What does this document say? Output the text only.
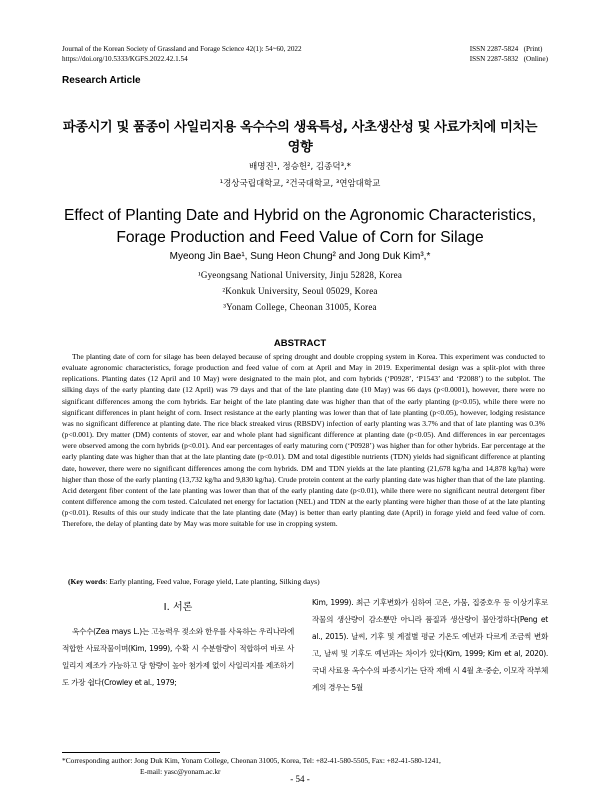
Journal of the Korean Society of Grassland and Forage Science 42(1): 54~60, 2022
https://doi.org/10.5333/KGFS.2022.42.1.54
ISSN 2287-5824   (Print)
ISSN 2287-5832   (Online)
Research Article
파종시기 및 품종이 사일리지용 옥수수의 생육특성, 사초생산성 및 사료가치에 미치는 영향
배명진¹, 정승헌², 김종덕³,*
¹경상국립대학교, ²건국대학교, ³연암대학교
Effect of Planting Date and Hybrid on the Agronomic Characteristics, Forage Production and Feed Value of Corn for Silage
Myeong Jin Bae¹, Sung Heon Chung² and Jong Duk Kim³,*
¹Gyeongsang National University, Jinju 52828, Korea
²Konkuk University, Seoul 05029, Korea
³Yonam College, Cheonan 31005, Korea
ABSTRACT

The planting date of corn for silage has been delayed because of spring drought and double cropping system in Korea. This experiment was conducted to evaluate agronomic characteristics, forage production and feed value of corn at April and May in 2019. Experimental design was a split-plot with three replications. Planting dates (12 April and 10 May) were designated to the main plot, and corn hybrids (‘P0928’, ‘P1543’ and ‘P2088’) to the subplot. The silking days of the early planting date (12 April) was 79 days and that of the late planting date (10 May) was 66 days (p<0.0001), however, there were no significant differences among the corn hybrids. Ear height of the late planting date was higher than that of the early planting (p<0.05), while there were no significant differences in plant height of corn. Insect resistance at the early planting was lower than that of late planting (p<0.05), however, lodging resistance was no significant difference at planting date. The rice black streaked virus (RBSDV) infection of early planting was 3.7% and that of late planting was 0.3% (p<0.001). Dry matter (DM) contents of stover, ear and whole plant had significant difference at planting date (p<0.05). And differences in ear percentages were observed among the corn hybrids (p<0.01). And ear percentages of early maturing corn (‘P0928’) was higher than for other hybrids. Ear percentage at the early planting date was higher than that at the late planting date (p<0.01). DM and total digestible nutrients (TDN) yields had significant difference at planting date, however, there were no significant differences among the corn hybrids. DM and TDN yields at the late planting (21,678 kg/ha and 14,878 kg/ha) were higher than those of the early planting (13,732 kg/ha and 9,830 kg/ha). Crude protein content at the early planting date was higher than that of the late planting. Acid detergent fiber content of the late planting was lower than that of the early planting date (p<0.01), while there were no significant neutral detergent fiber content difference among the corn tested. Calculated net energy for lactation (NEL) and TDN at the early planting were higher than those of at the late planting (p<0.01). Results of this our study indicate that the late planting date (May) is better than early planting date (April) in forage yield and feed value of corn. Therefore, the delay of planting date by May was more suitable for use in cropping system.

(Key words: Early planting, Feed value, Forage yield, Late planting, Silking days)

Ⅰ. 서론

옥수수(Zea mays L.)는 고능력우 젖소와 한우를 사육하는 우리나라에 적합한 사료작물이며(Kim, 1999), 수확 시 수분함량이 적합하여 바로 사일리지 제조가 가능하고 당 함량이 높아 첨가제 없이 사일리지를 제조하기도 가장 쉽다(Crowley et al., 1979;

Kim, 1999). 최근 기후변화가 심하여 고온, 가뭄, 집중호우 등 이상기후로 작물의 생산량이 감소뿐만 아니라 품질과 생산량이 불안정하다(Peng et al., 2015). 날씨, 기후 및 계절별 평균 기온도 예년과 다르게 조금씩 변화고, 날씨 및 기후도 예년과는 차이가 있다(Kim, 1999; Kim et al, 2020). 국내 사료용 옥수수의 파종시기는 단작 재배 시 4월 초·중순, 이모작 작부체계의 경우는 5월

*Corresponding author: Jong Duk Kim, Yonam College, Cheonan 31005, Korea, Tel: +82-41-580-5505, Fax: +82-41-580-1241,
E-mail: yasc@yonam.ac.kr
- 54 -
